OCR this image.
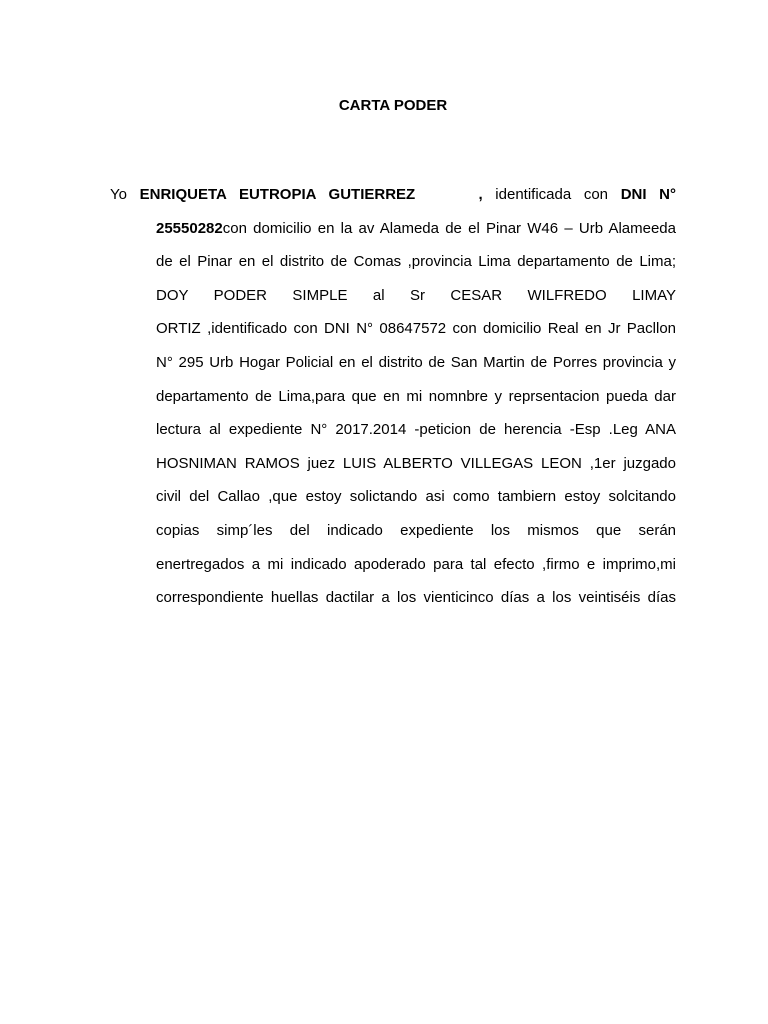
CARTA PODER
Yo ENRIQUETA EUTROPIA GUTIERREZ	, identificada con DNI N°
25550282con domicilio en la av Alameda de el Pinar W46 – Urb Alameeda
de el Pinar en el distrito de Comas ,provincia Lima departamento de Lima;
DOY PODER SIMPLE al Sr CESAR WILFREDO LIMAY
ORTIZ ,identificado con DNI N° 08647572 con domicilio Real en Jr Pacllon
N° 295 Urb Hogar Policial en el distrito de San Martin de Porres provincia y
departamento de Lima,para que en mi nomnbre y reprsentacion pueda dar
lectura al expediente N° 2017.2014 -peticion de herencia -Esp .Leg ANA
HOSNIMAN RAMOS juez LUIS ALBERTO VILLEGAS LEON ,1er juzgado
civil del Callao ,que estoy solictando asi como tambiern estoy solcitando
copias simp´les del indicado expediente los mismos que serán
enertregados a mi indicado apoderado para tal efecto ,firmo e imprimo,mi
correspondiente huellas dactilar a los vienticinco días a los veintiséis días
